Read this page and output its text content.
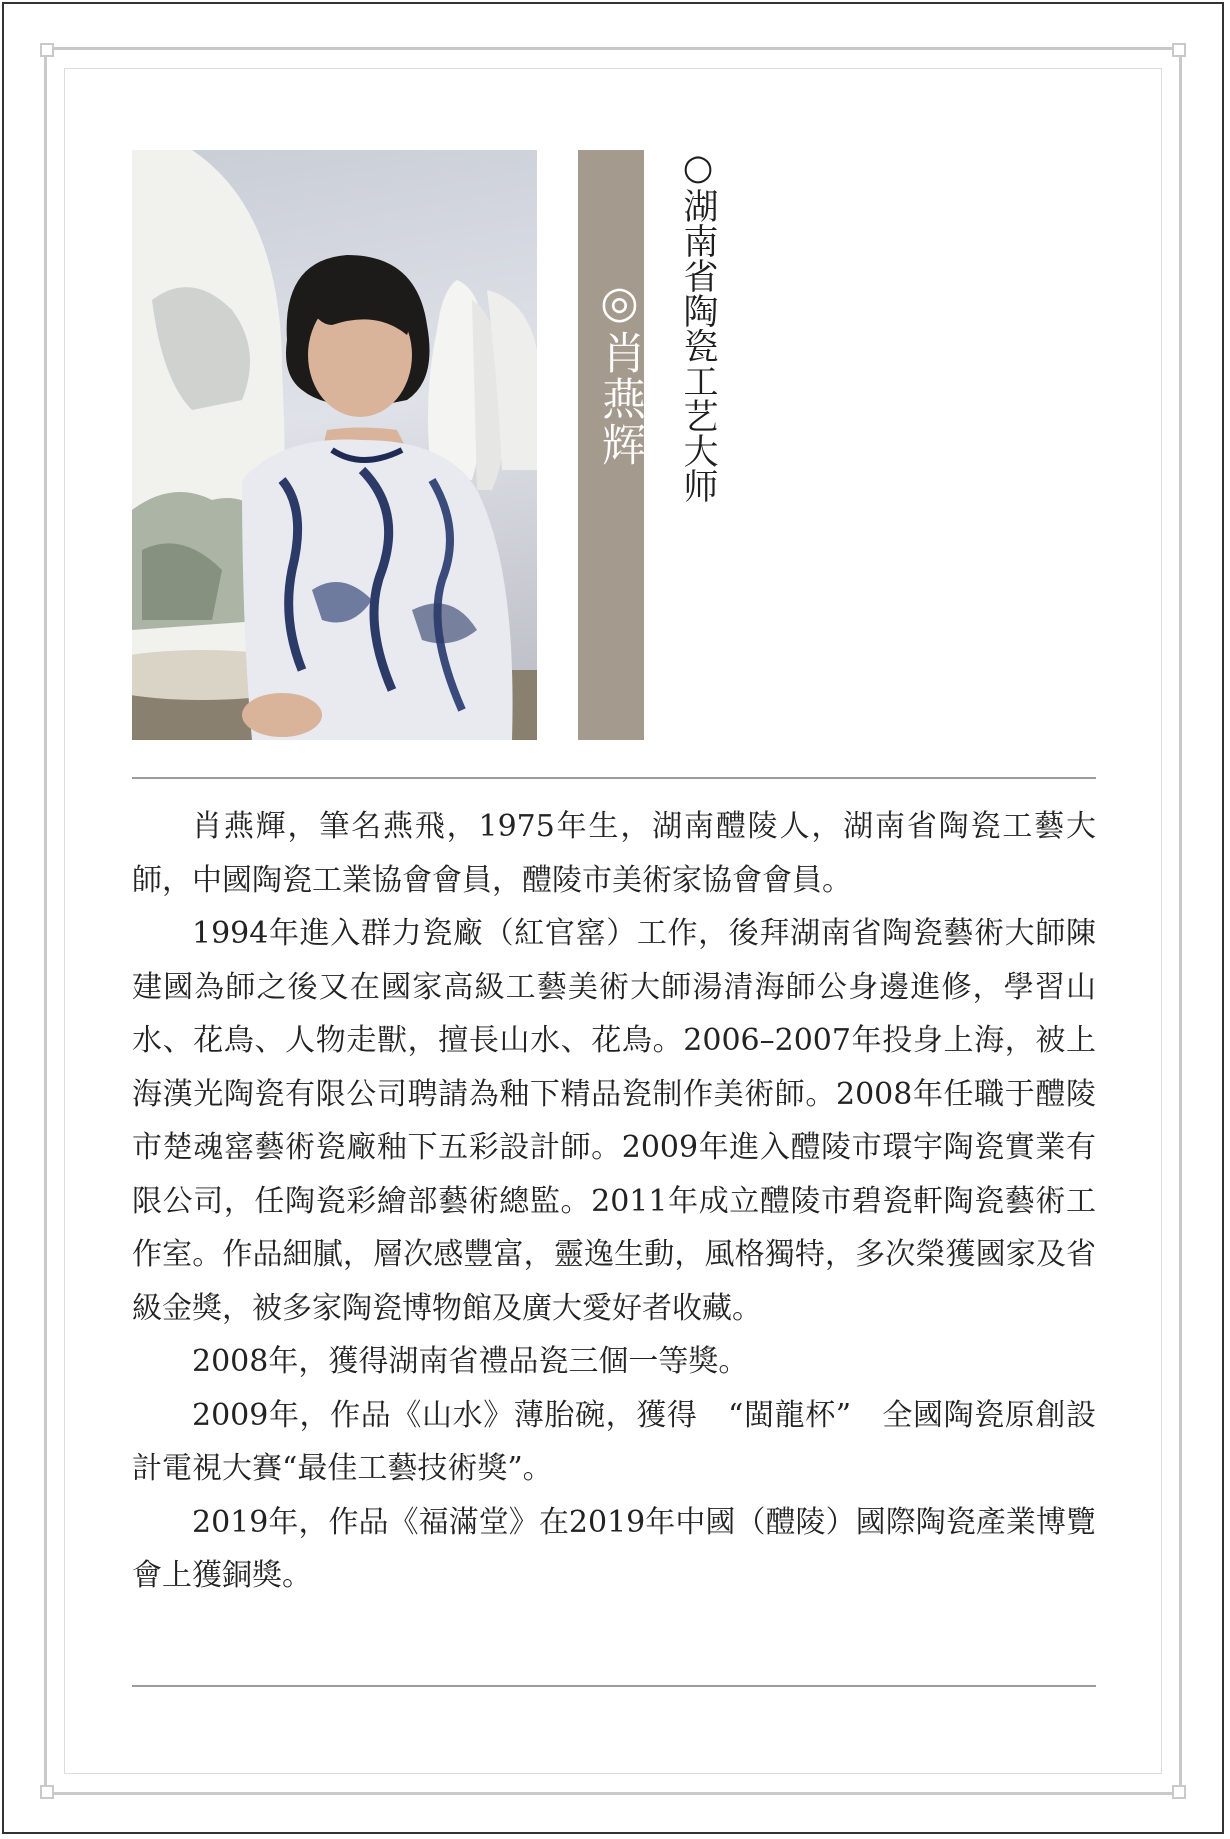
◎肖燕辉 ○湖南省陶瓷工艺大师

肖燕輝，筆名燕飛，1975年生，湖南醴陵人，湖南省陶瓷工藝大師，中國陶瓷工業協會會員，醴陵市美術家協會會員。

1994年進入群力瓷廠（紅官窰）工作，後拜湖南省陶瓷藝術大師陳建國為師之後又在國家高級工藝美術大師湯清海師公身邊進修，學習山水、花鳥、人物走獸，擅長山水、花鳥。2006–2007年投身上海，被上海漢光陶瓷有限公司聘請為釉下精品瓷制作美術師。2008年任職于醴陵市楚魂窰藝術瓷廠釉下五彩設計師。2009年進入醴陵市環宇陶瓷實業有限公司，任陶瓷彩繪部藝術總監。2011年成立醴陵市碧瓷軒陶瓷藝術工作室。作品細膩，層次感豐富，靈逸生動，風格獨特，多次榮獲國家及省級金獎，被多家陶瓷博物館及廣大愛好者收藏。

2008年，獲得湖南省禮品瓷三個一等獎。

2009年，作品《山水》薄胎碗，獲得　“閩龍杯”　全國陶瓷原創設計電視大賽“最佳工藝技術獎”。

2019年，作品《福滿堂》在2019年中國（醴陵）國際陶瓷產業博覽會上獲銅獎。
